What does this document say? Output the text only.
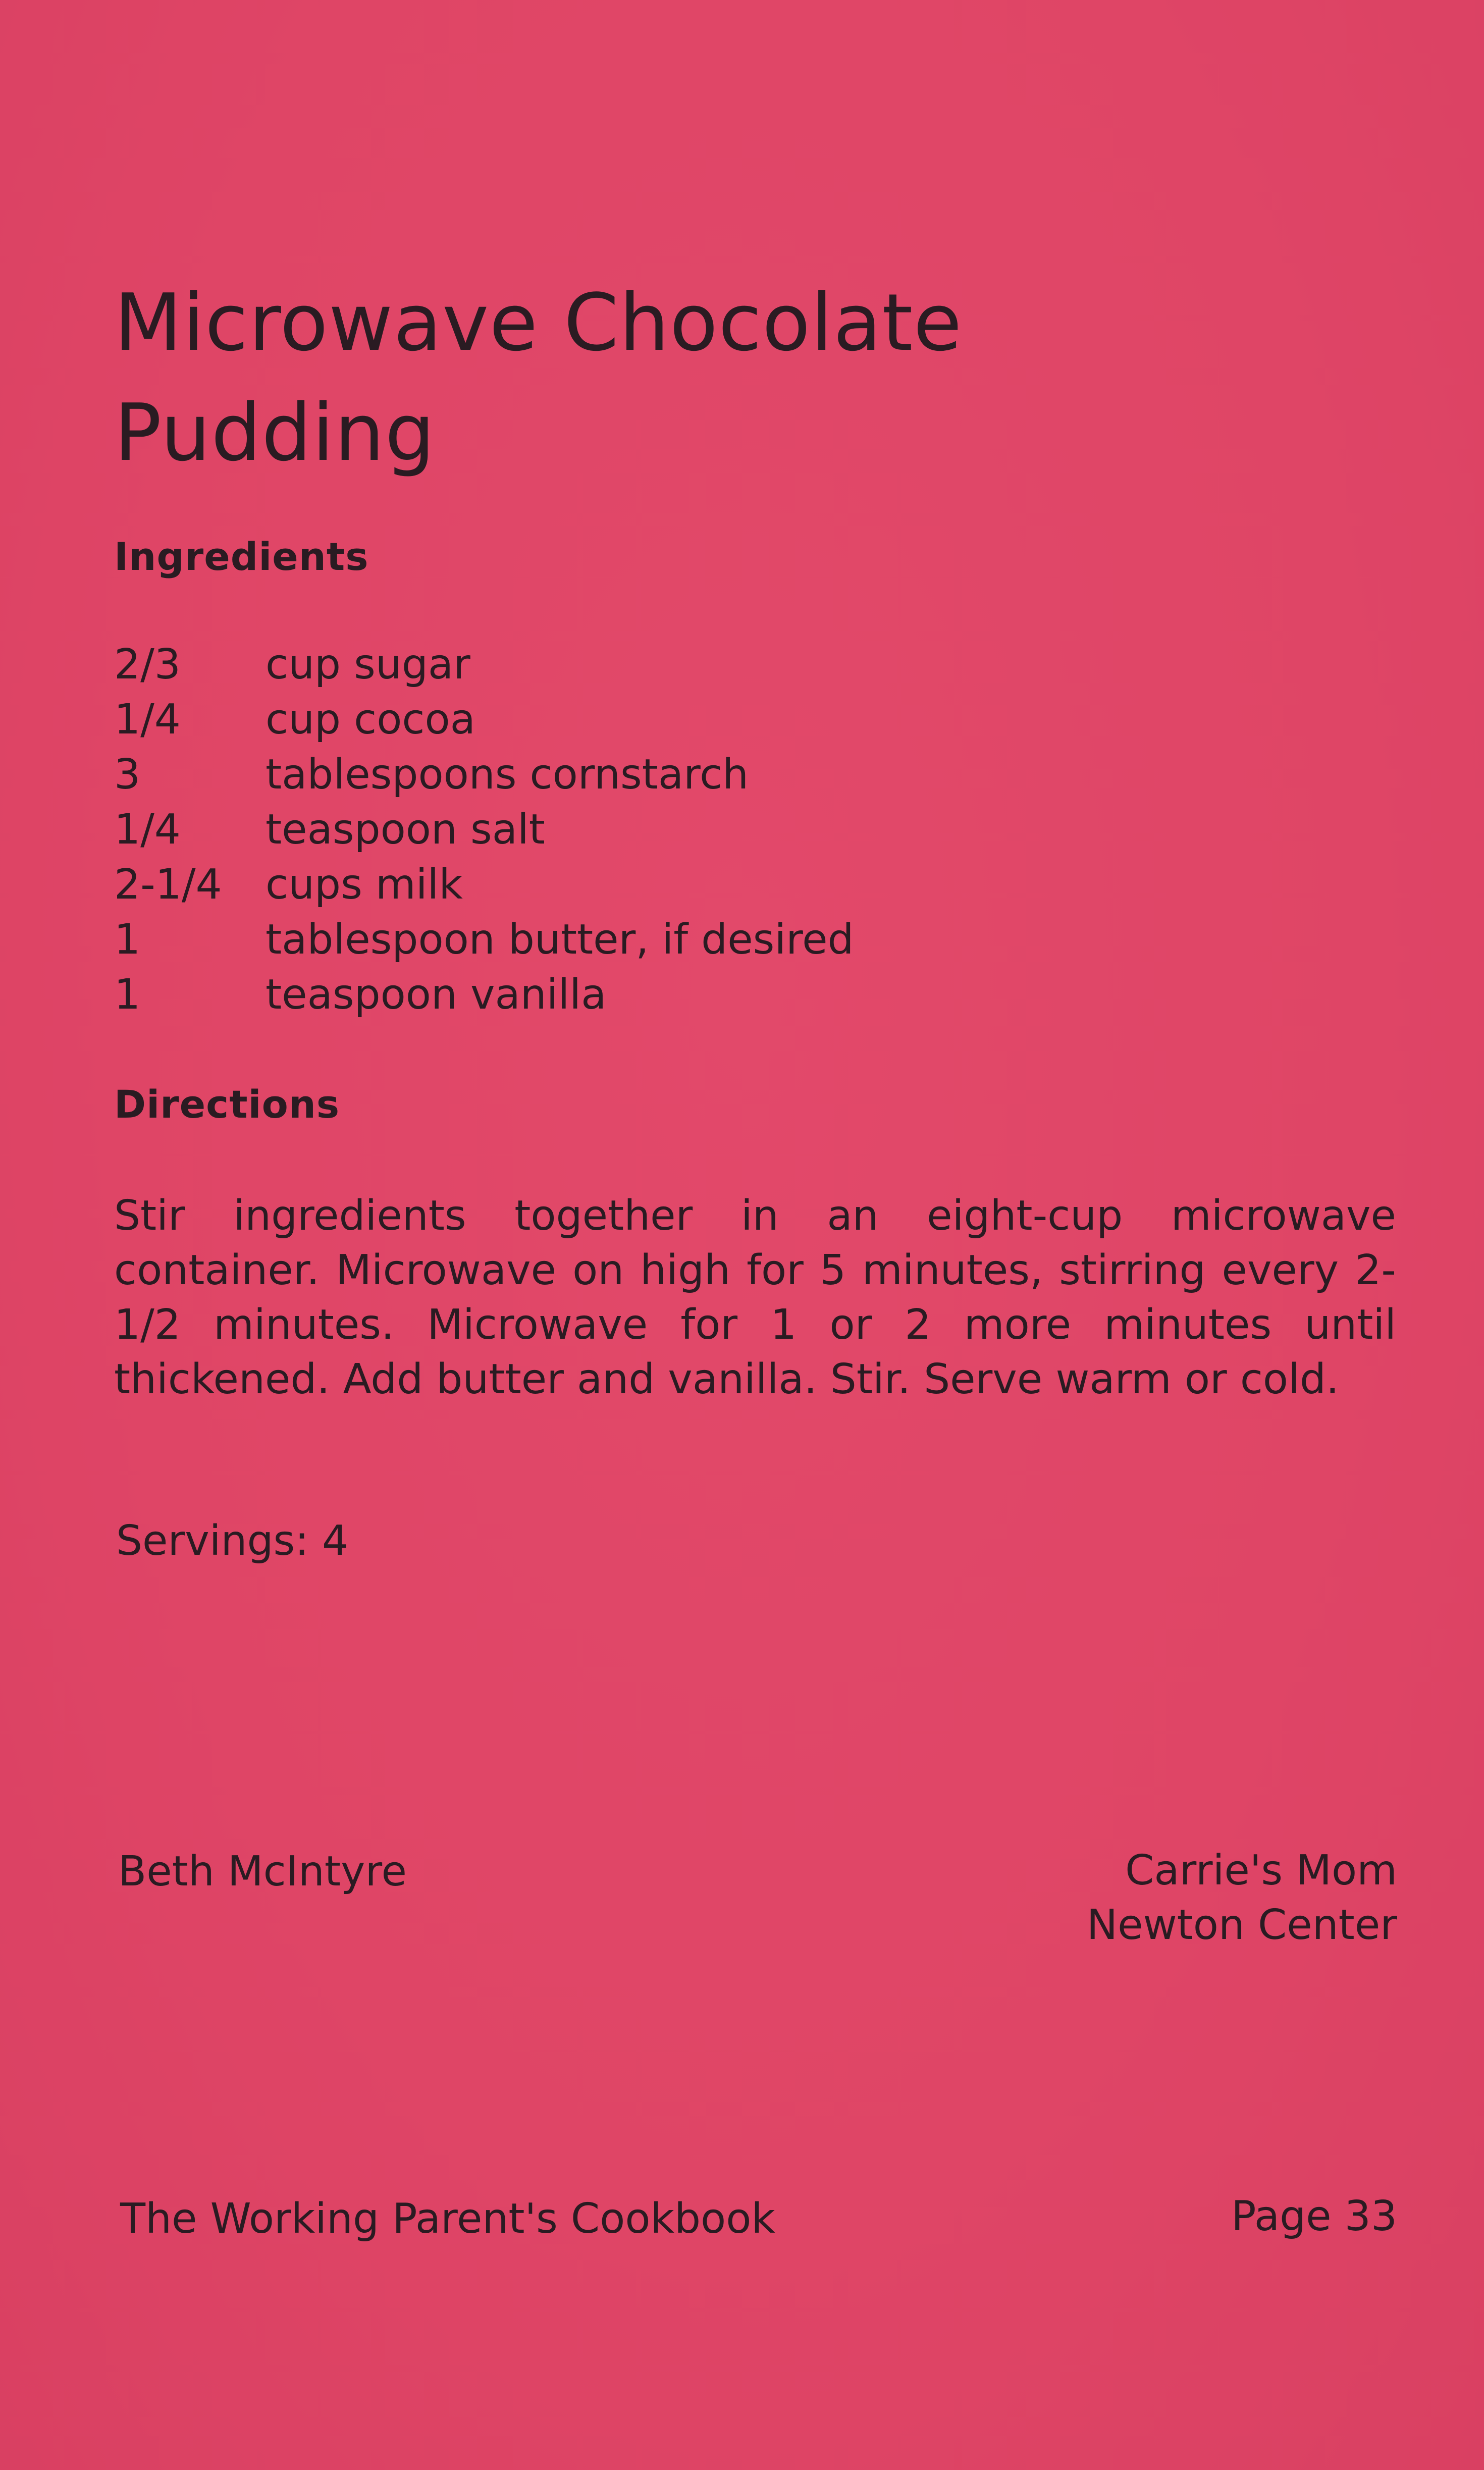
Microwave Chocolate
Pudding
Ingredients
2/3	cup sugar
1/4	cup cocoa
3	tablespoons cornstarch
1/4	teaspoon salt
2-1/4	cups milk
1	tablespoon butter, if desired
1	teaspoon vanilla
Directions
Stir ingredients together in an eight-cup microwave container. Microwave on high for 5 minutes, stirring every 2-1/2 minutes. Microwave for 1 or 2 more minutes until thickened. Add butter and vanilla. Stir. Serve warm or cold.
Servings: 4
Beth McIntyre	Carrie's Mom
Newton Center
The Working Parent's Cookbook	Page 33
